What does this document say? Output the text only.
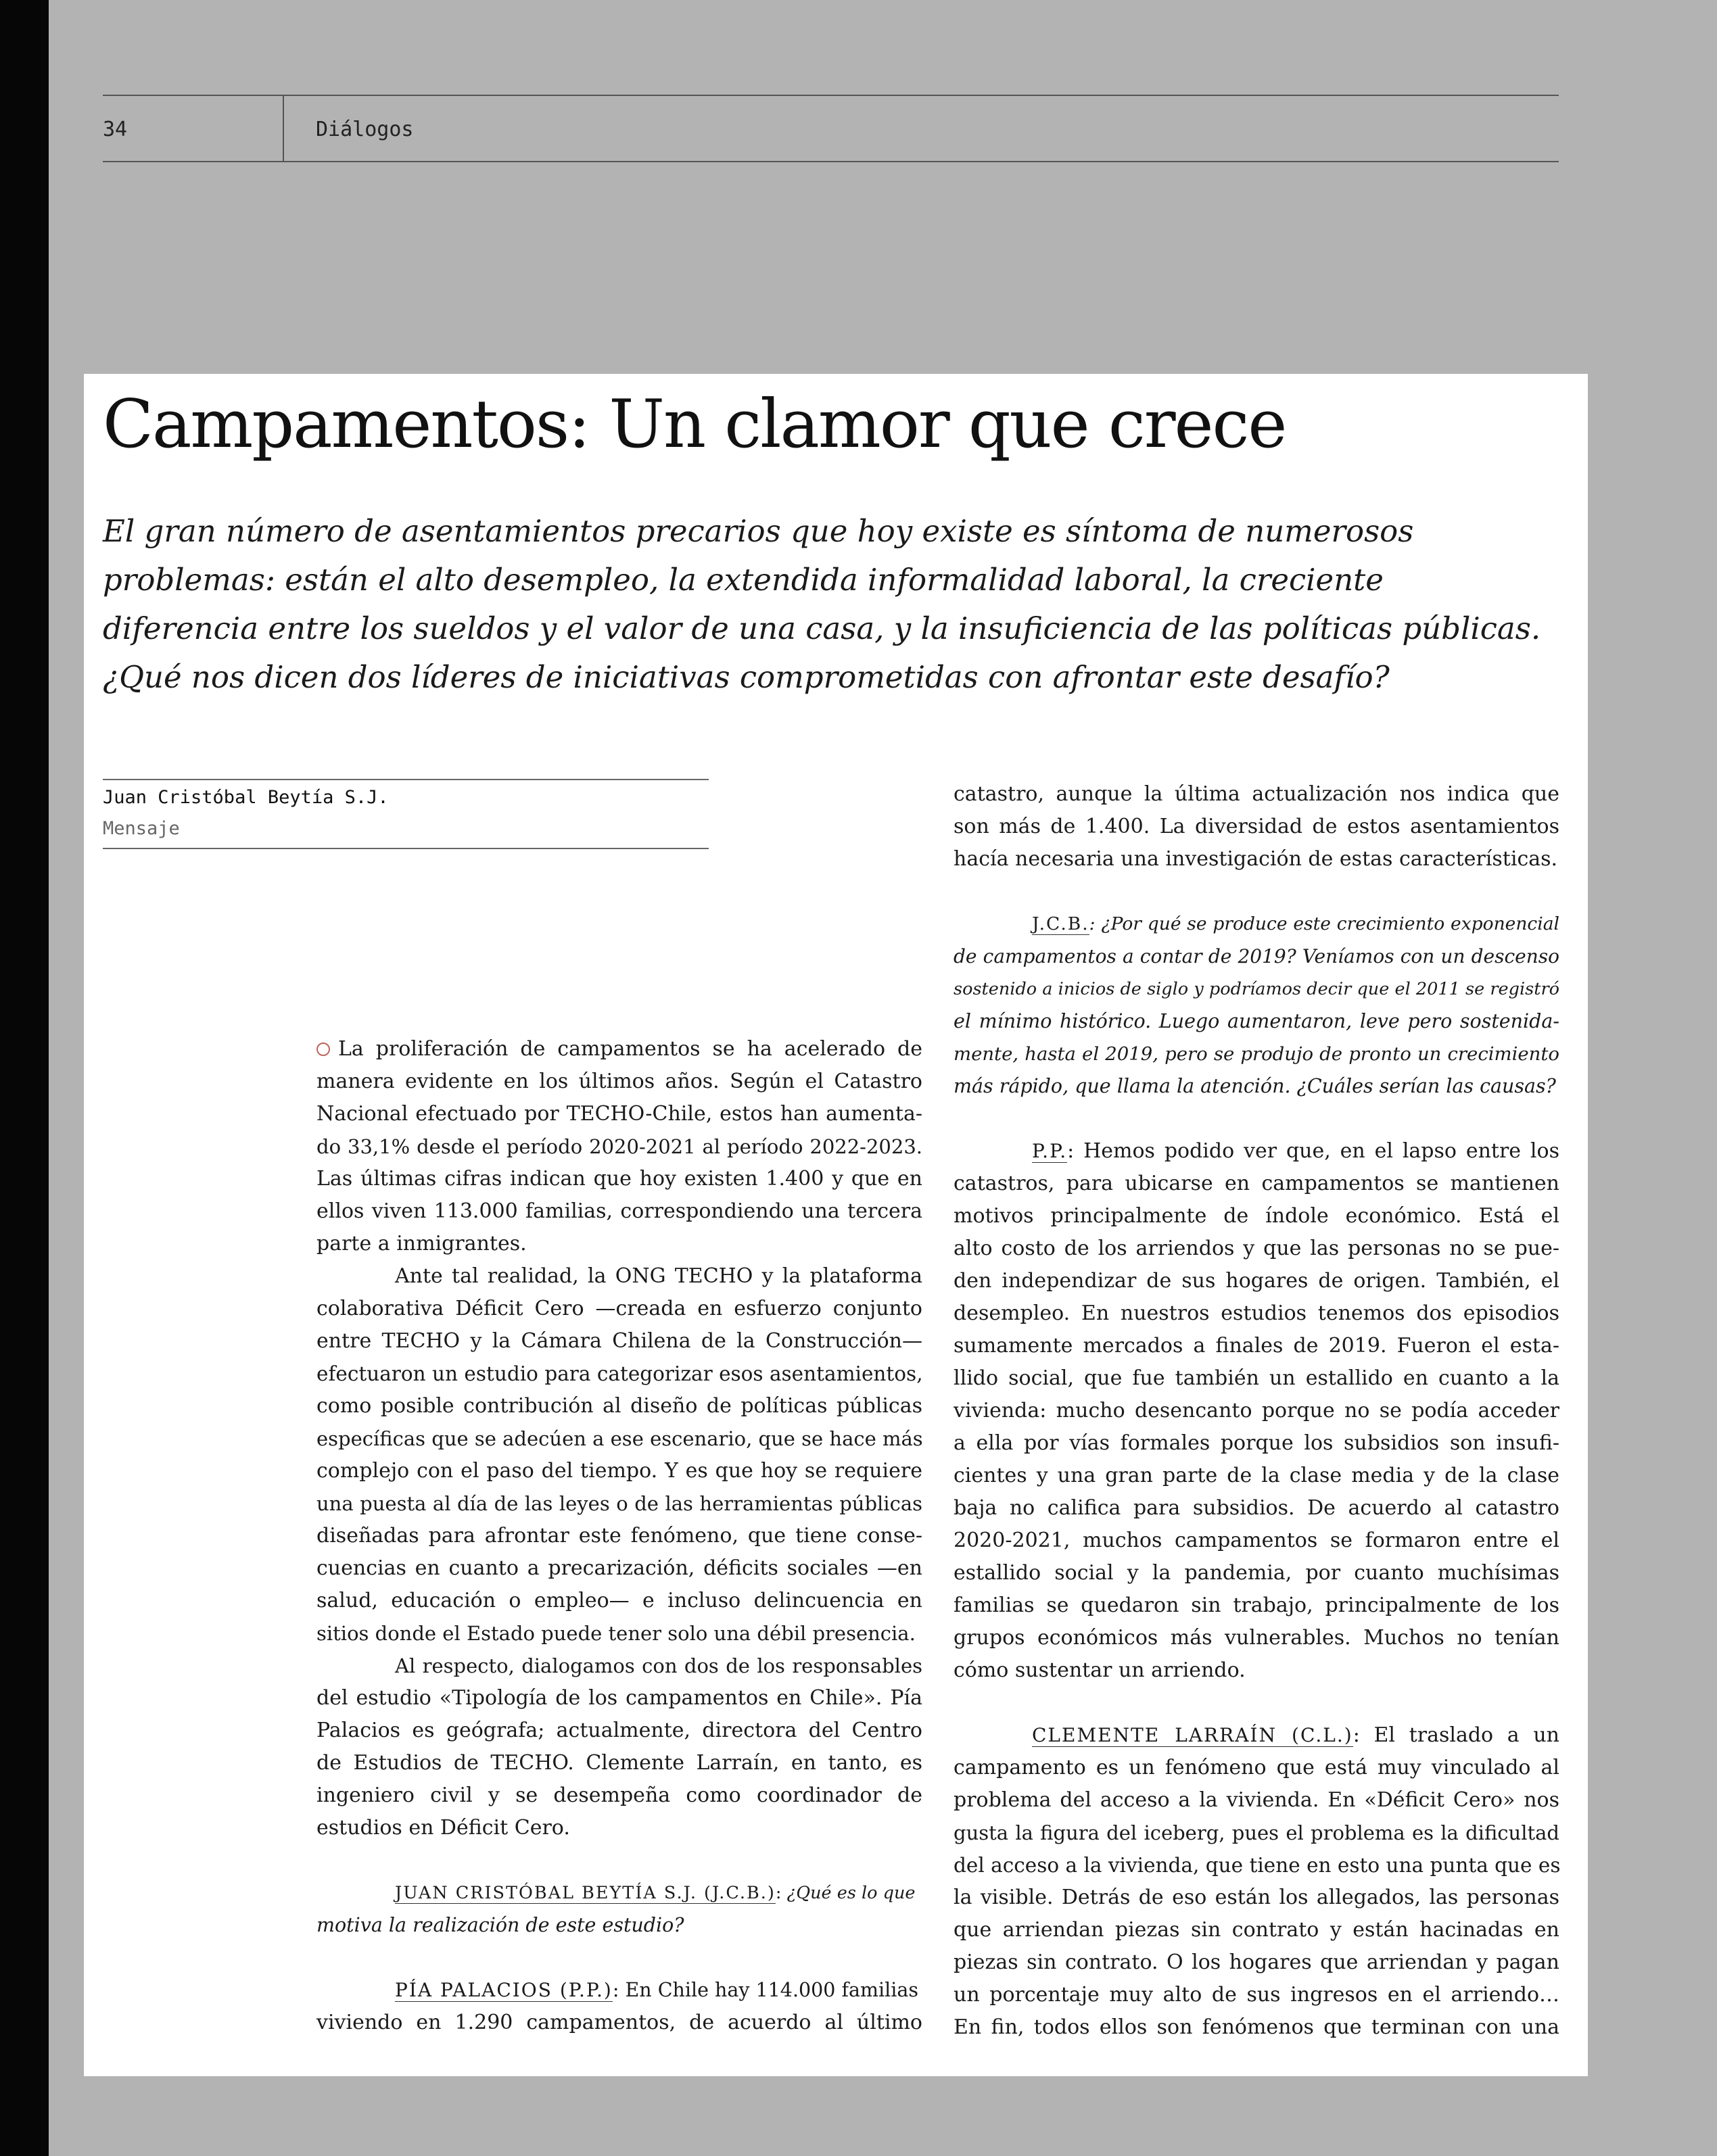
34	Diálogos
Campamentos: Un clamor que crece
El gran número de asentamientos precarios que hoy existe es síntoma de numerosos
problemas: están el alto desempleo, la extendida informalidad laboral, la creciente
diferencia entre los sueldos y el valor de una casa, y la insuficiencia de las políticas públicas.
¿Qué nos dicen dos líderes de iniciativas comprometidas con afrontar este desafío?
Juan Cristóbal Beytía S.J.
Mensaje
La proliferación de campamentos se ha acelerado de
manera evidente en los últimos años. Según el Catastro
Nacional efectuado por TECHO-Chile, estos han aumenta-
do 33,1% desde el período 2020-2021 al período 2022-2023.
Las últimas cifras indican que hoy existen 1.400 y que en
ellos viven 113.000 familias, correspondiendo una tercera
parte a inmigrantes.
Ante tal realidad, la ONG TECHO y la plataforma
colaborativa Déficit Cero —creada en esfuerzo conjunto
entre TECHO y la Cámara Chilena de la Construcción—
efectuaron un estudio para categorizar esos asentamientos,
como posible contribución al diseño de políticas públicas
específicas que se adecúen a ese escenario, que se hace más
complejo con el paso del tiempo. Y es que hoy se requiere
una puesta al día de las leyes o de las herramientas públicas
diseñadas para afrontar este fenómeno, que tiene conse-
cuencias en cuanto a precarización, déficits sociales —en
salud, educación o empleo— e incluso delincuencia en
sitios donde el Estado puede tener solo una débil presencia.
Al respecto, dialogamos con dos de los responsables
del estudio «Tipología de los campamentos en Chile». Pía
Palacios es geógrafa; actualmente, directora del Centro
de Estudios de TECHO. Clemente Larraín, en tanto, es
ingeniero civil y se desempeña como coordinador de
estudios en Déficit Cero.
JUAN CRISTÓBAL BEYTÍA S.J. (J.C.B.): ¿Qué es lo que
motiva la realización de este estudio?
PÍA PALACIOS (P.P.): En Chile hay 114.000 familias
viviendo en 1.290 campamentos, de acuerdo al último
catastro, aunque la última actualización nos indica que
son más de 1.400. La diversidad de estos asentamientos
hacía necesaria una investigación de estas características.
J.C.B.: ¿Por qué se produce este crecimiento exponencial
de campamentos a contar de 2019? Veníamos con un descenso
sostenido a inicios de siglo y podríamos decir que el 2011 se registró
el mínimo histórico. Luego aumentaron, leve pero sostenida-
mente, hasta el 2019, pero se produjo de pronto un crecimiento
más rápido, que llama la atención. ¿Cuáles serían las causas?
P.P.: Hemos podido ver que, en el lapso entre los
catastros, para ubicarse en campamentos se mantienen
motivos principalmente de índole económico. Está el
alto costo de los arriendos y que las personas no se pue-
den independizar de sus hogares de origen. También, el
desempleo. En nuestros estudios tenemos dos episodios
sumamente mercados a finales de 2019. Fueron el esta-
llido social, que fue también un estallido en cuanto a la
vivienda: mucho desencanto porque no se podía acceder
a ella por vías formales porque los subsidios son insufi-
cientes y una gran parte de la clase media y de la clase
baja no califica para subsidios. De acuerdo al catastro
2020-2021, muchos campamentos se formaron entre el
estallido social y la pandemia, por cuanto muchísimas
familias se quedaron sin trabajo, principalmente de los
grupos económicos más vulnerables. Muchos no tenían
cómo sustentar un arriendo.
CLEMENTE LARRAÍN (C.L.): El traslado a un
campamento es un fenómeno que está muy vinculado al
problema del acceso a la vivienda. En «Déficit Cero» nos
gusta la figura del iceberg, pues el problema es la dificultad
del acceso a la vivienda, que tiene en esto una punta que es
la visible. Detrás de eso están los allegados, las personas
que arriendan piezas sin contrato y están hacinadas en
piezas sin contrato. O los hogares que arriendan y pagan
un porcentaje muy alto de sus ingresos en el arriendo…
En fin, todos ellos son fenómenos que terminan con una
